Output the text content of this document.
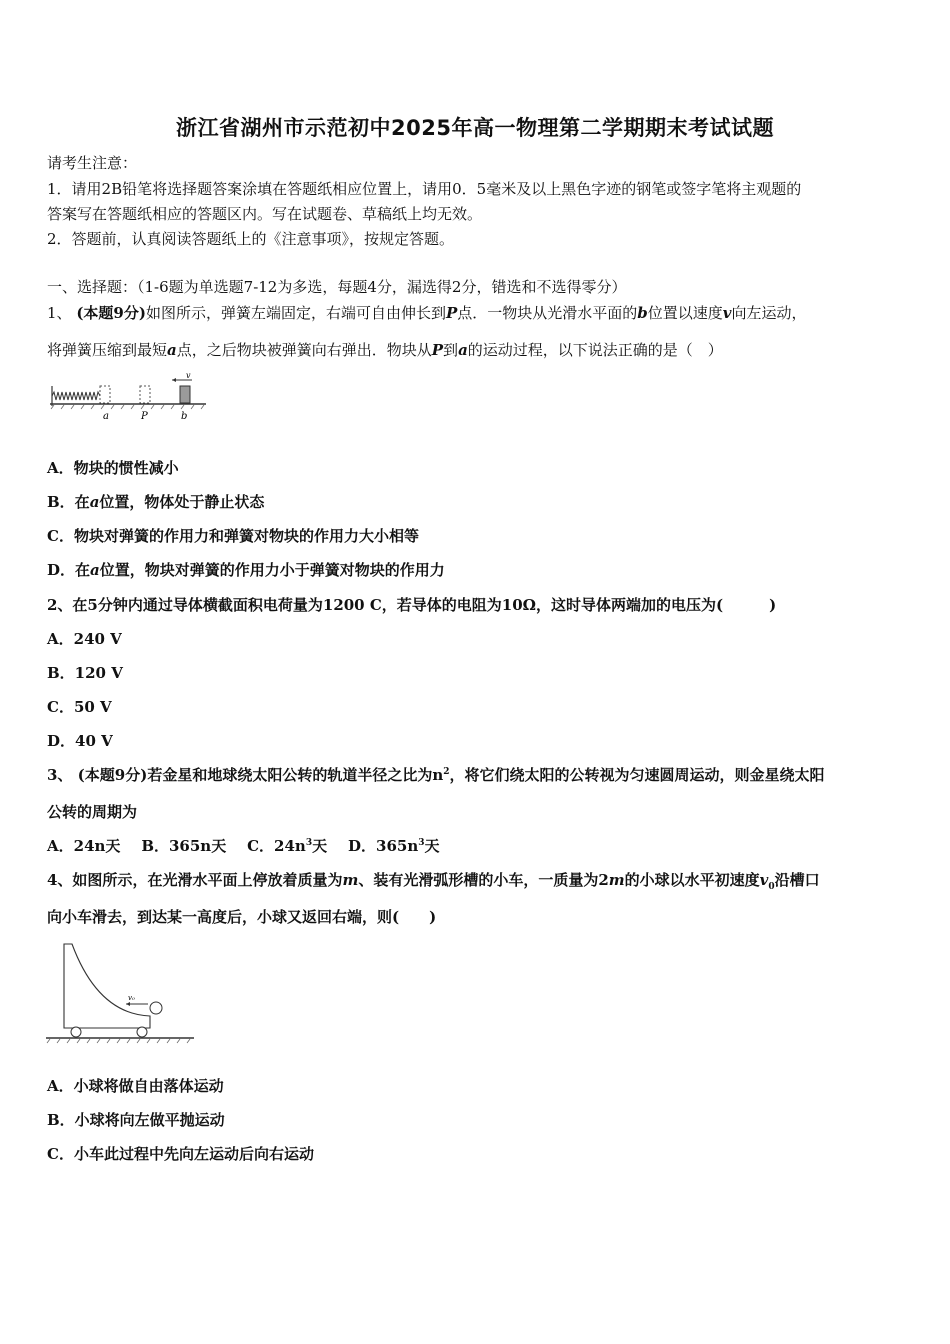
浙江省湖州市示范初中2025年高一物理第二学期期末考试试题
请考生注意：
1．请用2B铅笔将选择题答案涂填在答题纸相应位置上，请用0．5毫米及以上黑色字迹的钢笔或签字笔将主观题的
答案写在答题纸相应的答题区内。写在试题卷、草稿纸上均无效。
2．答题前，认真阅读答题纸上的《注意事项》，按规定答题。
一、选择题：（1-6题为单选题7-12为多选，每题4分，漏选得2分，错选和不选得零分）
1、 (本题9分)如图所示，弹簧左端固定，右端可自由伸长到P点．一物块从光滑水平面的b位置以速度v向左运动，
将弹簧压缩到最短a点，之后物块被弹簧向右弹出．物块从P到a的运动过程，以下说法正确的是（　）
v
a	P	b
A．物块的惯性减小
B．在a位置，物体处于静止状态
C．物块对弹簧的作用力和弹簧对物块的作用力大小相等
D．在a位置，物块对弹簧的作用力小于弹簧对物块的作用力
2、在5分钟内通过导体横截面积电荷量为1200 C，若导体的电阻为10Ω，这时导体两端加的电压为(	)
A．240 V
B．120 V
C．50 V
D．40 V
3、 (本题9分)若金星和地球绕太阳公转的轨道半径之比为$n^2$，将它们绕太阳的公转视为匀速圆周运动，则金星绕太阳
公转的周期为
A．24n天 B．365n天 C．$24n^3$天 D．$365n^3$天
4、如图所示，在光滑水平面上停放着质量为m、装有光滑弧形槽的小车，一质量为2m的小球以水平初速度$v_0$沿槽口
向小车滑去，到达某一高度后，小球又返回右端，则(　　)
v₀
A．小球将做自由落体运动
B．小球将向左做平抛运动
C．小车此过程中先向左运动后向右运动
